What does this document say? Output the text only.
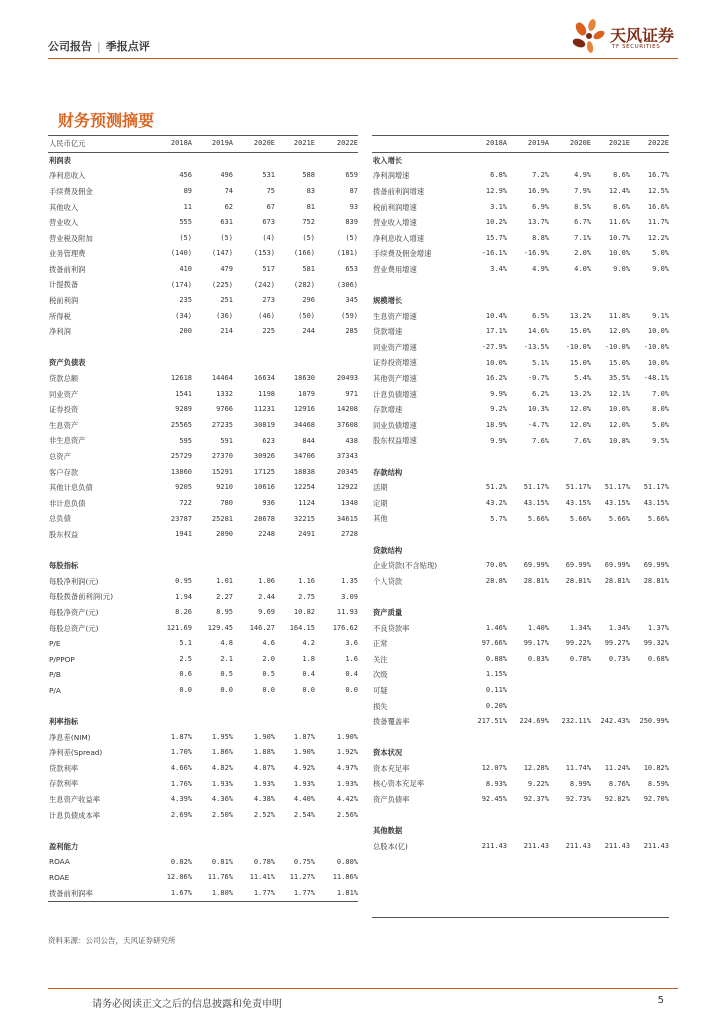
公司报告 | 季报点评
天风证券
TF SECURITIES
财务预测摘要
人民币亿元	2018A	2019A	2020E	2021E	2022E
利润表					
净利息收入	456	496	531	588	659
手续费及佣金	89	74	75	83	87
其他收入	11	62	67	81	93
营业收入	555	631	673	752	839
营业税及附加	(5)	(5)	(4)	(5)	(5)
业务管理费	(140)	(147)	(153)	(166)	(181)
拨备前利润	410	479	517	581	653
计提拨备	(174)	(225)	(242)	(282)	(306)
税前利润	235	251	273	296	345
所得税	(34)	(36)	(46)	(50)	(59)
净利润	200	214	225	244	285

资产负债表					
贷款总额	12618	14464	16634	18630	20493
同业资产	1541	1332	1198	1079	971
证券投资	9289	9766	11231	12916	14208
生息资产	25565	27235	30819	34468	37608
非生息资产	595	591	623	844	438
总资产	25729	27370	30926	34706	37343
客户存款	13860	15291	17125	18838	20345
其他计息负债	9205	9210	10616	12254	12922
非计息负债	722	780	936	1124	1348
总负债	23787	25281	28678	32215	34615
股东权益	1941	2090	2248	2491	2728

每股指标					
每股净利润(元)	0.95	1.01	1.06	1.16	1.35
每股拨备前利润(元)	1.94	2.27	2.44	2.75	3.09
每股净资产(元)	8.26	8.95	9.69	10.82	11.93
每股总资产(元)	121.69	129.45	146.27	164.15	176.62
P/E	5.1	4.8	4.6	4.2	3.6
P/PPOP	2.5	2.1	2.0	1.8	1.6
P/B	0.6	0.5	0.5	0.4	0.4
P/A	0.0	0.0	0.0	0.0	0.0

利率指标					
净息差(NIM)	1.87%	1.95%	1.90%	1.87%	1.90%
净利差(Spread)	1.70%	1.86%	1.88%	1.90%	1.92%
贷款利率	4.66%	4.82%	4.87%	4.92%	4.97%
存款利率	1.76%	1.93%	1.93%	1.93%	1.93%
生息资产收益率	4.39%	4.36%	4.38%	4.40%	4.42%
计息负债成本率	2.69%	2.50%	2.52%	2.54%	2.56%

盈利能力					
ROAA	0.82%	0.81%	0.78%	0.75%	0.80%
ROAE	12.06%	11.76%	11.41%	11.27%	11.86%
拨备前利润率	1.67%	1.80%	1.77%	1.77%	1.81%
	2018A	2019A	2020E	2021E	2022E
收入增长					
净利润增速	6.8%	7.2%	4.9%	8.6%	16.7%
拨备前利润增速	12.9%	16.9%	7.9%	12.4%	12.5%
税前利润增速	3.1%	6.9%	8.5%	8.6%	16.6%
营业收入增速	10.2%	13.7%	6.7%	11.6%	11.7%
净利息收入增速	15.7%	8.8%	7.1%	10.7%	12.2%
手续费及佣金增速	-16.1%	-16.9%	2.0%	10.0%	5.0%
营业费用增速	3.4%	4.9%	4.0%	9.0%	9.0%

规模增长					
生息资产增速	10.4%	6.5%	13.2%	11.8%	9.1%
贷款增速	17.1%	14.6%	15.0%	12.0%	10.0%
同业资产增速	-27.9%	-13.5%	-10.0%	-10.0%	-10.0%
证券投资增速	10.0%	5.1%	15.0%	15.0%	10.0%
其他资产增速	16.2%	-0.7%	5.4%	35.5%	-48.1%
计息负债增速	9.9%	6.2%	13.2%	12.1%	7.0%
存款增速	9.2%	10.3%	12.0%	10.0%	8.0%
同业负债增速	18.9%	-4.7%	12.0%	12.0%	5.0%
股东权益增速	9.9%	7.6%	7.6%	10.8%	9.5%

存款结构					
活期	51.2%	51.17%	51.17%	51.17%	51.17%
定期	43.2%	43.15%	43.15%	43.15%	43.15%
其他	5.7%	5.66%	5.66%	5.66%	5.66%

贷款结构					
企业贷款(不含贴现)	70.0%	69.99%	69.99%	69.99%	69.99%
个人贷款	28.8%	28.81%	28.81%	28.81%	28.81%

资产质量					
不良贷款率	1.46%	1.40%	1.34%	1.34%	1.37%
正常	97.66%	99.17%	99.22%	99.27%	99.32%
关注	0.88%	0.83%	0.78%	0.73%	0.68%
次级	1.15%				
可疑	0.11%				
损失	0.20%				
拨备覆盖率	217.51%	224.69%	232.11%	242.43%	250.99%

资本状况					
资本充足率	12.07%	12.28%	11.74%	11.24%	10.82%
核心资本充足率	8.93%	9.22%	8.99%	8.76%	8.59%
资产负债率	92.45%	92.37%	92.73%	92.82%	92.70%

其他数据					
总股本(亿)	211.43	211.43	211.43	211.43	211.43

资料来源：公司公告，天风证券研究所
请务必阅读正文之后的信息披露和免责申明	5
